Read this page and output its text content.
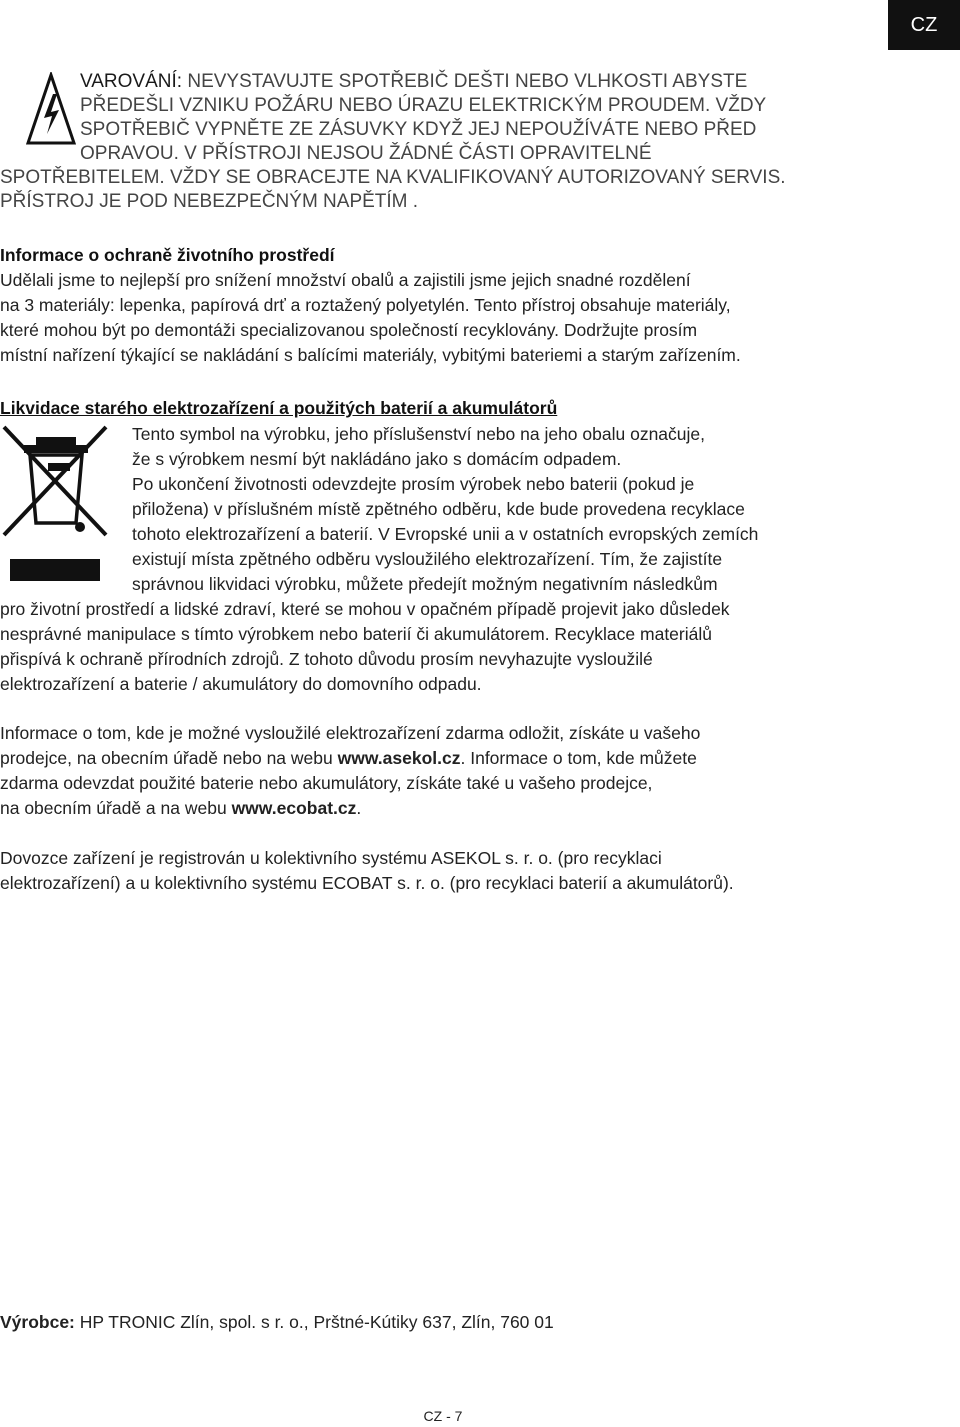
CZ
VAROVÁNÍ: NEVYSTAVUJTE SPOTŘEBIČ DEŠTI NEBO VLHKOSTI ABYSTE
PŘEDEŠLI VZNIKU POŽÁRU NEBO ÚRAZU ELEKTRICKÝM PROUDEM. VŽDY
SPOTŘEBIČ VYPNĚTE ZE ZÁSUVKY KDYŽ JEJ NEPOUŽÍVÁTE NEBO PŘED
OPRAVOU. V PŘÍSTROJI NEJSOU ŽÁDNÉ ČÁSTI OPRAVITELNÉ
SPOTŘEBITELEM. VŽDY SE OBRACEJTE NA KVALIFIKOVANÝ AUTORIZOVANÝ SERVIS.
PŘÍSTROJ JE POD NEBEZPEČNÝM NAPĚTÍM .
Informace o ochraně životního prostředí
Udělali jsme to nejlepší pro snížení množství obalů a zajistili jsme jejich snadné rozdělení
na 3 materiály: lepenka, papírová drť a roztažený polyetylén. Tento přístroj obsahuje materiály,
které mohou být po demontáži specializovanou společností recyklovány. Dodržujte prosím
místní nařízení týkající se nakládání s balícími materiály, vybitými bateriemi a starým zařízením.
Likvidace starého elektrozařízení a použitých baterií a akumulátorů
Tento symbol na výrobku, jeho příslušenství nebo na jeho obalu označuje,
že s výrobkem nesmí být nakládáno jako s domácím odpadem.
Po ukončení životnosti odevzdejte prosím výrobek nebo baterii (pokud je
přiložena) v příslušném místě zpětného odběru, kde bude provedena recyklace
tohoto elektrozařízení a baterií. V Evropské unii a v ostatních evropských zemích
existují místa zpětného odběru vysloužilého elektrozařízení. Tím, že zajistíte
správnou likvidaci výrobku, můžete předejít možným negativním následkům
pro životní prostředí a lidské zdraví, které se mohou v opačném případě projevit jako důsledek
nesprávné manipulace s tímto výrobkem nebo baterií či akumulátorem. Recyklace materiálů
přispívá k ochraně přírodních zdrojů. Z tohoto důvodu prosím nevyhazujte vysloužilé
elektrozařízení a baterie / akumulátory do domovního odpadu.
Informace o tom, kde je možné vysloužilé elektrozařízení zdarma odložit, získáte u vašeho
prodejce, na obecním úřadě nebo na webu www.asekol.cz. Informace o tom, kde můžete
zdarma odevzdat použité baterie nebo akumulátory, získáte také u vašeho prodejce,
na obecním úřadě a na webu www.ecobat.cz.
Dovozce zařízení je registrován u kolektivního systému ASEKOL s. r. o. (pro recyklaci
elektrozařízení) a u kolektivního systému ECOBAT s. r. o. (pro recyklaci baterií a akumulátorů).
Výrobce: HP TRONIC Zlín, spol. s r. o., Prštné-Kútiky 637, Zlín, 760 01
CZ - 7
